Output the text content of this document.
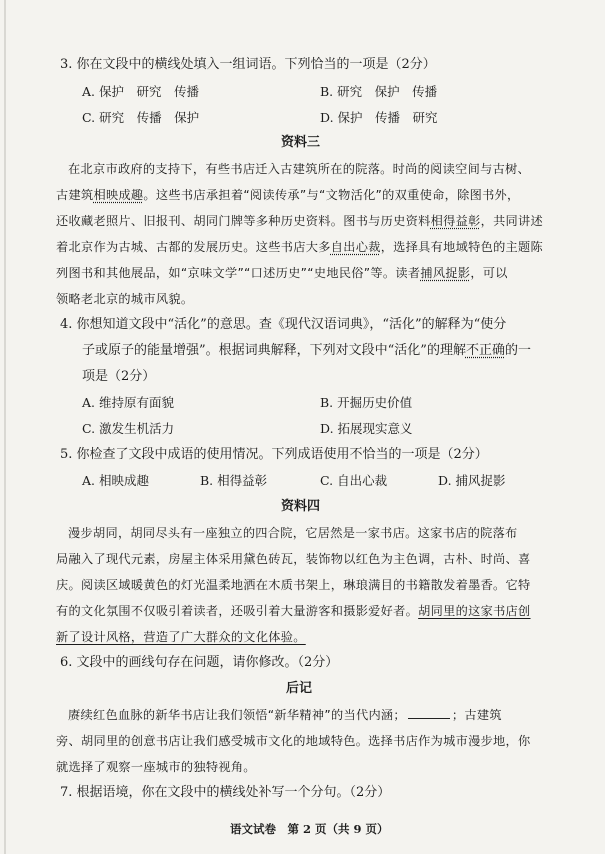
3. 你在文段中的横线处填入一组词语。下列恰当的一项是（2分）
A. 保护　研究　传播	B. 研究　保护　传播
C. 研究　传播　保护	D. 保护　传播　研究
资料三
在北京市政府的支持下，有些书店迁入古建筑所在的院落。时尚的阅读空间与古树、
古建筑相映成趣。这些书店承担着“阅读传承”与“文物活化”的双重使命，除图书外，
还收藏老照片、旧报刊、胡同门牌等多种历史资料。图书与历史资料相得益彰，共同讲述
着北京作为古城、古都的发展历史。这些书店大多自出心裁，选择具有地域特色的主题陈
列图书和其他展品，如“京味文学”“口述历史”“史地民俗”等。读者捕风捉影，可以
领略老北京的城市风貌。
4. 你想知道文段中“活化”的意思。查《现代汉语词典》，“活化”的解释为“使分
子或原子的能量增强”。根据词典解释，下列对文段中“活化”的理解不正确的一
项是（2分）
A. 维持原有面貌	B. 开掘历史价值
C. 激发生机活力	D. 拓展现实意义
5. 你检查了文段中成语的使用情况。下列成语使用不恰当的一项是（2分）
A. 相映成趣	B. 相得益彰	C. 自出心裁	D. 捕风捉影
资料四
漫步胡同，胡同尽头有一座独立的四合院，它居然是一家书店。这家书店的院落布
局融入了现代元素，房屋主体采用黛色砖瓦，装饰物以红色为主色调，古朴、时尚、喜
庆。阅读区域暖黄色的灯光温柔地洒在木质书架上，琳琅满目的书籍散发着墨香。它特
有的文化氛围不仅吸引着读者，还吸引着大量游客和摄影爱好者。胡同里的这家书店创
新了设计风格，营造了广大群众的文化体验。
6. 文段中的画线句存在问题，请你修改。（2分）
后记
赓续红色血脉的新华书店让我们领悟“新华精神”的当代内涵；	；古建筑
旁、胡同里的创意书店让我们感受城市文化的地域特色。选择书店作为城市漫步地，你
就选择了观察一座城市的独特视角。
7. 根据语境，你在文段中的横线处补写一个分句。（2分）
语文试卷　第 2 页（共 9 页）
